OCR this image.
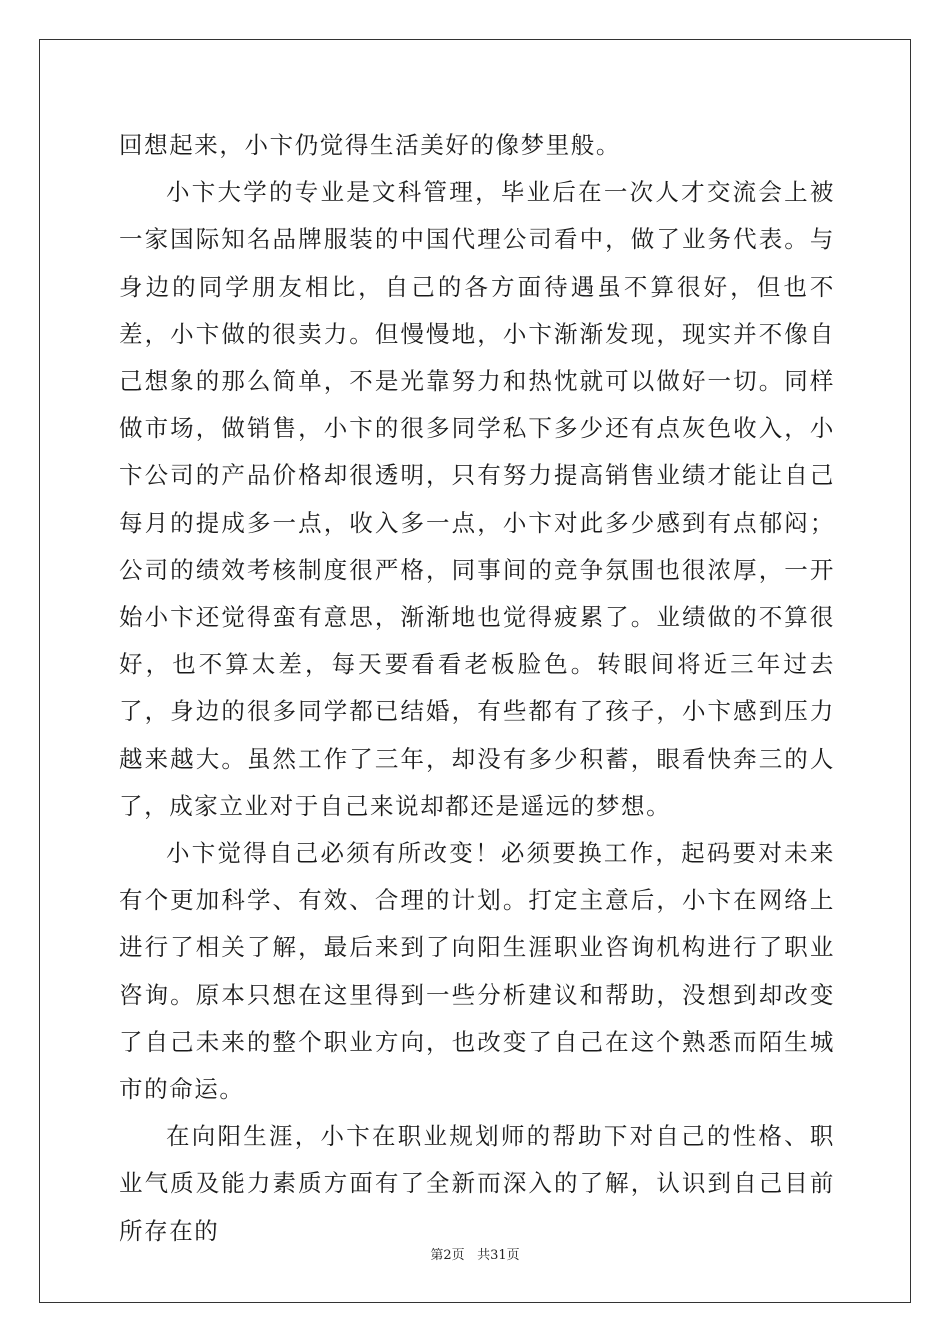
回想起来，小卞仍觉得生活美好的像梦里般。

小卞大学的专业是文科管理，毕业后在一次人才交流会上被一家国际知名品牌服装的中国代理公司看中，做了业务代表。与身边的同学朋友相比，自己的各方面待遇虽不算很好，但也不差，小卞做的很卖力。但慢慢地，小卞渐渐发现，现实并不像自己想象的那么简单，不是光靠努力和热忱就可以做好一切。同样做市场，做销售，小卞的很多同学私下多少还有点灰色收入，小卞公司的产品价格却很透明，只有努力提高销售业绩才能让自己每月的提成多一点，收入多一点，小卞对此多少感到有点郁闷；公司的绩效考核制度很严格，同事间的竞争氛围也很浓厚，一开始小卞还觉得蛮有意思，渐渐地也觉得疲累了。业绩做的不算很好，也不算太差，每天要看看老板脸色。转眼间将近三年过去了，身边的很多同学都已结婚，有些都有了孩子，小卞感到压力越来越大。虽然工作了三年，却没有多少积蓄，眼看快奔三的人了，成家立业对于自己来说却都还是遥远的梦想。

小卞觉得自己必须有所改变！必须要换工作，起码要对未来有个更加科学、有效、合理的计划。打定主意后，小卞在网络上进行了相关了解，最后来到了向阳生涯职业咨询机构进行了职业咨询。原本只想在这里得到一些分析建议和帮助，没想到却改变了自己未来的整个职业方向，也改变了自己在这个熟悉而陌生城市的命运。

在向阳生涯，小卞在职业规划师的帮助下对自己的性格、职业气质及能力素质方面有了全新而深入的了解，认识到自己目前所存在的

第2页 共31页
